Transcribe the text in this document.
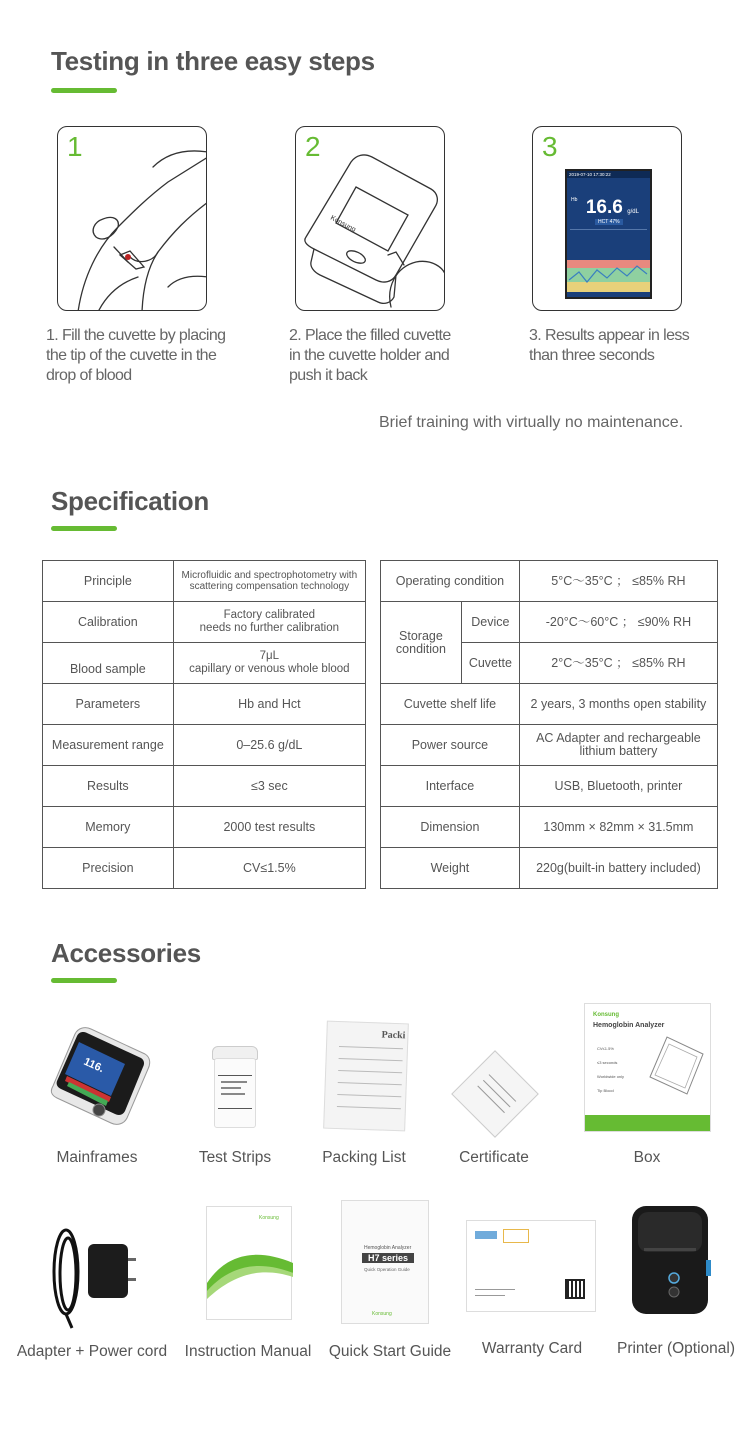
Testing in three easy steps
1	2
Konsung
3
2019-07-10 17:30:22
$^{Hb}$ 16.6 g/dL
HCT 47%
1. Fill the cuvette by placing
the tip of the cuvette in the
drop of blood
2. Place the filled cuvette
in the cuvette holder and
push it back
3. Results appear in less
than three seconds
Brief training with virtually no maintenance.
Specification
Principle	Microfluidic and spectrophotometry with
scattering compensation technology

Calibration	Factory calibrated
needs no further calibration

Blood sample	7μL
capillary or venous whole blood

Parameters	Hb and Hct
Measurement range	0–25.6 g/dL
Results	≤3 sec
Memory	2000 test results
Precision	CV≤1.5%
Operating condition		5°C～35°C ； ≤85% RH
Storage condition	Device	-20°C～60°C ； ≤90% RH
	Cuvette	2°C～35°C ； ≤85% RH
Cuvette shelf life		2 years, 3 months open stability
Power source		AC Adapter and rechargeable
lithium battery

Interface		USB, Bluetooth, printer
Dimension		130mm × 82mm × 31.5mm
Weight		220g(built-in battery included)
Accessories
116.
Packi
Konsung
Hemoglobin Analyzer
CV≤1.5%
≤3 seconds
Worldwide only
Tip Blood
Konsung
Hemoglobin Analyzer
H7 series
Quick Operation Guide
Konsung
Mainframes	Test Strips	Packing List	Certificate	Box
Adapter + Power cord	Instruction Manual	Quick Start Guide	Warranty Card	Printer (Optional)
